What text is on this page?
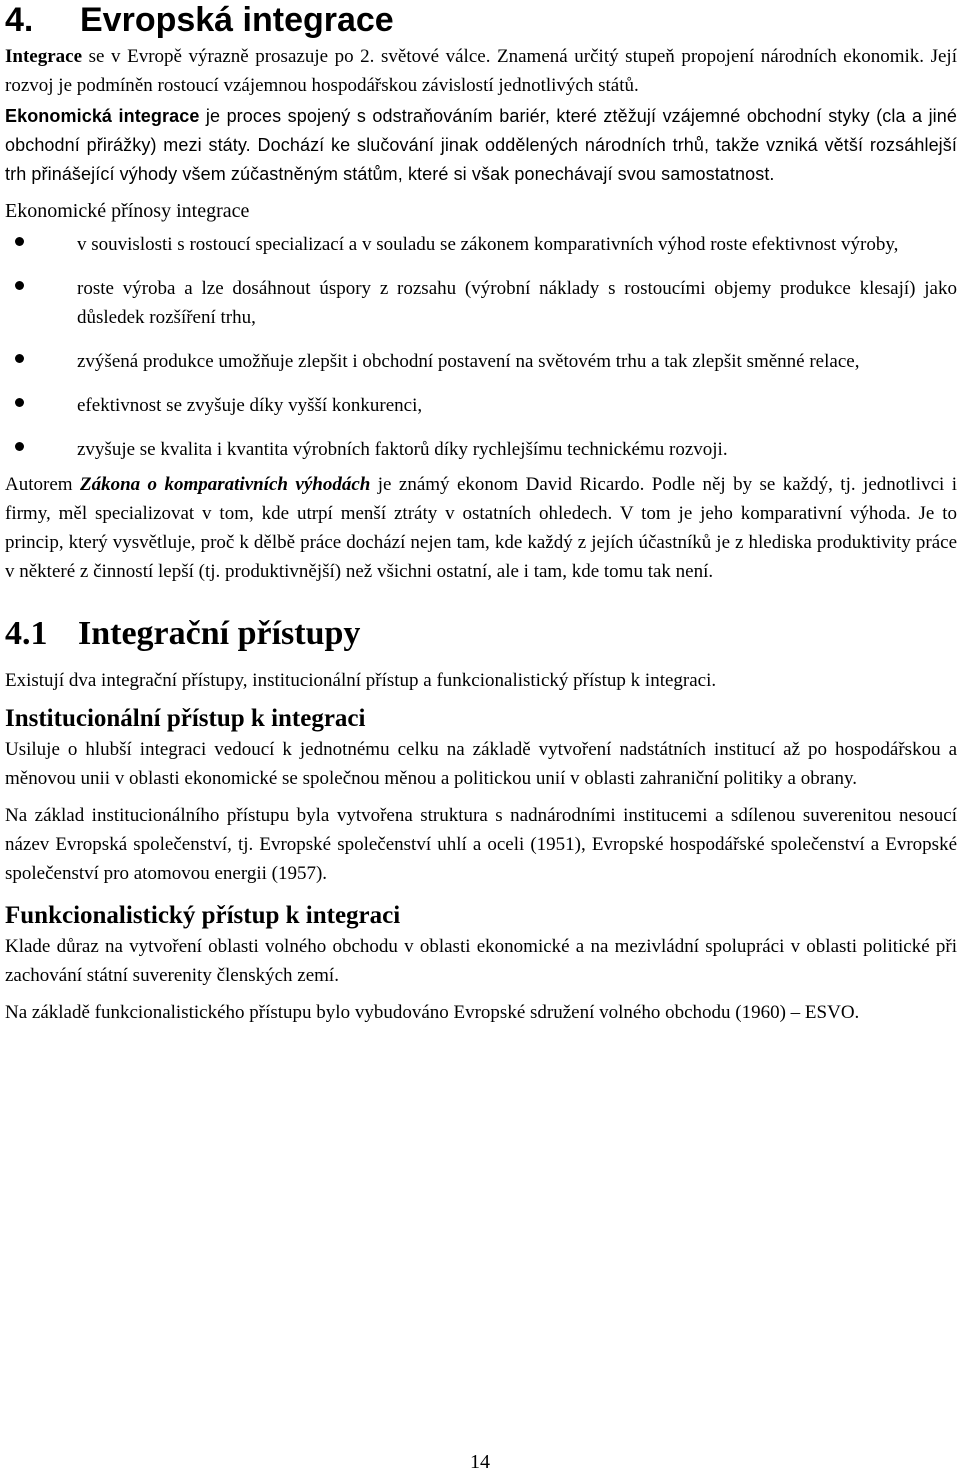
4. Evropská integrace

Integrace se v Evropě výrazně prosazuje po 2. světové válce. Znamená určitý stupeň propojení národních ekonomik. Její rozvoj je podmíněn rostoucí vzájemnou hospodářskou závislostí jednotlivých států.

Ekonomická integrace je proces spojený s odstraňováním bariér, které ztěžují vzájemné obchodní styky (cla a jiné obchodní přirážky) mezi státy. Dochází ke slučování jinak oddělených národních trhů, takže vzniká větší rozsáhlejší trh přinášející výhody všem zúčastněným státům, které si však ponechávají svou samostatnost.

Ekonomické přínosy integrace

v souvislosti s rostoucí specializací a v souladu se zákonem komparativních výhod roste efektivnost výroby,
roste výroba a lze dosáhnout úspory z rozsahu (výrobní náklady s rostoucími objemy produkce klesají) jako důsledek rozšíření trhu,
zvýšená produkce umožňuje zlepšit i obchodní postavení na světovém trhu a tak zlepšit směnné relace,
efektivnost se zvyšuje díky vyšší konkurenci,
zvyšuje se kvalita i kvantita výrobních faktorů díky rychlejšímu technickému rozvoji.

Autorem Zákona o komparativních výhodách je známý ekonom David Ricardo. Podle něj by se každý, tj. jednotlivci i firmy, měl specializovat v tom, kde utrpí menší ztráty v ostatních ohledech. V tom je jeho komparativní výhoda. Je to princip, který vysvětluje, proč k dělbě práce dochází nejen tam, kde každý z jejích účastníků je z hlediska produktivity práce v některé z činností lepší (tj. produktivnější) než všichni ostatní, ale i tam, kde tomu tak není.

4.1 Integrační přístupy

Existují dva integrační přístupy, institucionální přístup a funkcionalistický přístup k integraci.

Institucionální přístup k integraci

Usiluje o hlubší integraci vedoucí k jednotnému celku na základě vytvoření nadstátních institucí až po hospodářskou a měnovou unii v oblasti ekonomické se společnou měnou a politickou unií v oblasti zahraniční politiky a obrany.

Na základ institucionálního přístupu byla vytvořena struktura s nadnárodními institucemi a sdílenou suverenitou nesoucí název Evropská společenství, tj. Evropské společenství uhlí a oceli (1951), Evropské hospodářské společenství a Evropské společenství pro atomovou energii (1957).

Funkcionalistický přístup k integraci

Klade důraz na vytvoření oblasti volného obchodu v oblasti ekonomické a na mezivládní spolupráci v oblasti politické při zachování státní suverenity členských zemí.

Na základě funkcionalistického přístupu bylo vybudováno Evropské sdružení volného obchodu (1960) – ESVO.

14
